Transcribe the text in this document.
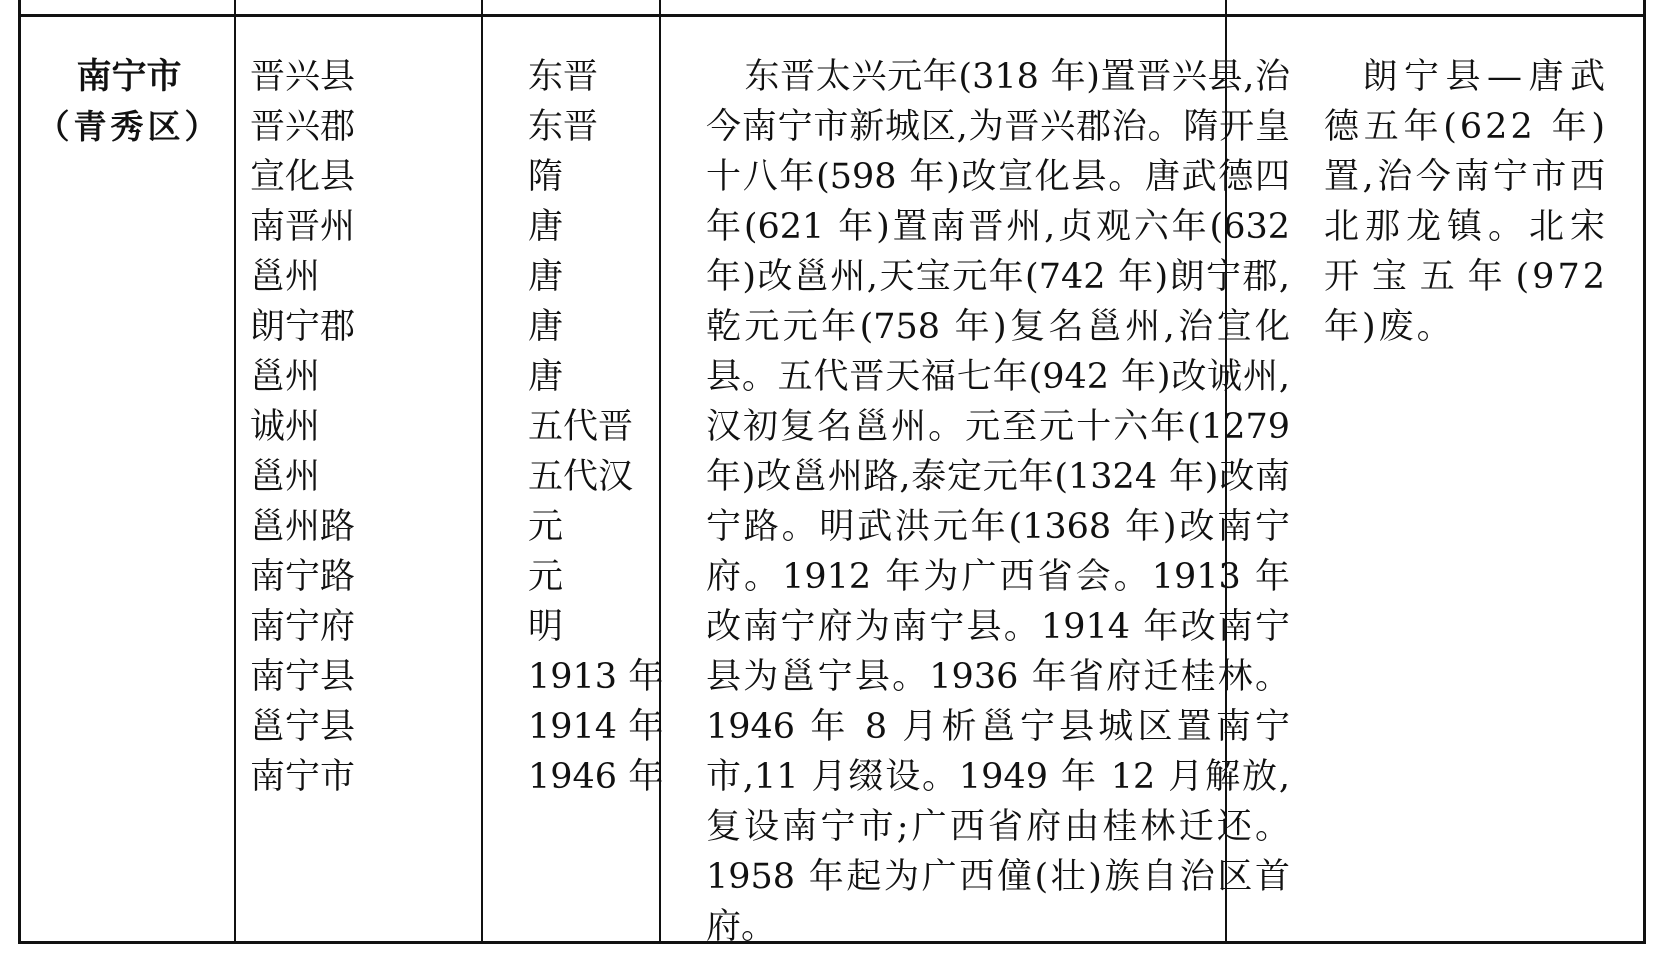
南宁市
（青秀区）
晋兴县
晋兴郡
宣化县
南晋州
邕州
朗宁郡
邕州
诚州
邕州
邕州路
南宁路
南宁府
南宁县
邕宁县
南宁市
东晋
东晋
隋
唐
唐
唐
唐
五代晋
五代汉
元
元
明
1913 年
1914 年
1946 年

东晋太兴元年(318 年)置晋兴县,治今南宁市新城区,为晋兴郡治。隋开皇十八年(598 年)改宣化县。唐武德四年(621 年)置南晋州,贞观六年(632 年)改邕州,天宝元年(742 年)朗宁郡,乾元元年(758 年)复名邕州,治宣化县。五代晋天福七年(942 年)改诚州,汉初复名邕州。元至元十六年(1279 年)改邕州路,泰定元年(1324 年)改南宁路。明武洪元年(1368 年)改南宁府。1912 年为广西省会。1913 年改南宁府为南宁县。1914 年改南宁县为邕宁县。1936 年省府迁桂林。1946 年 8 月析邕宁县城区置南宁市,11 月缀设。1949 年 12 月解放,复设南宁市;广西省府由桂林迁还。1958 年起为广西僮(壮)族自治区首府。

朗宁县—唐武德五年(622 年)置,治今南宁市西北那龙镇。北宋开宝五年(972 年)废。
